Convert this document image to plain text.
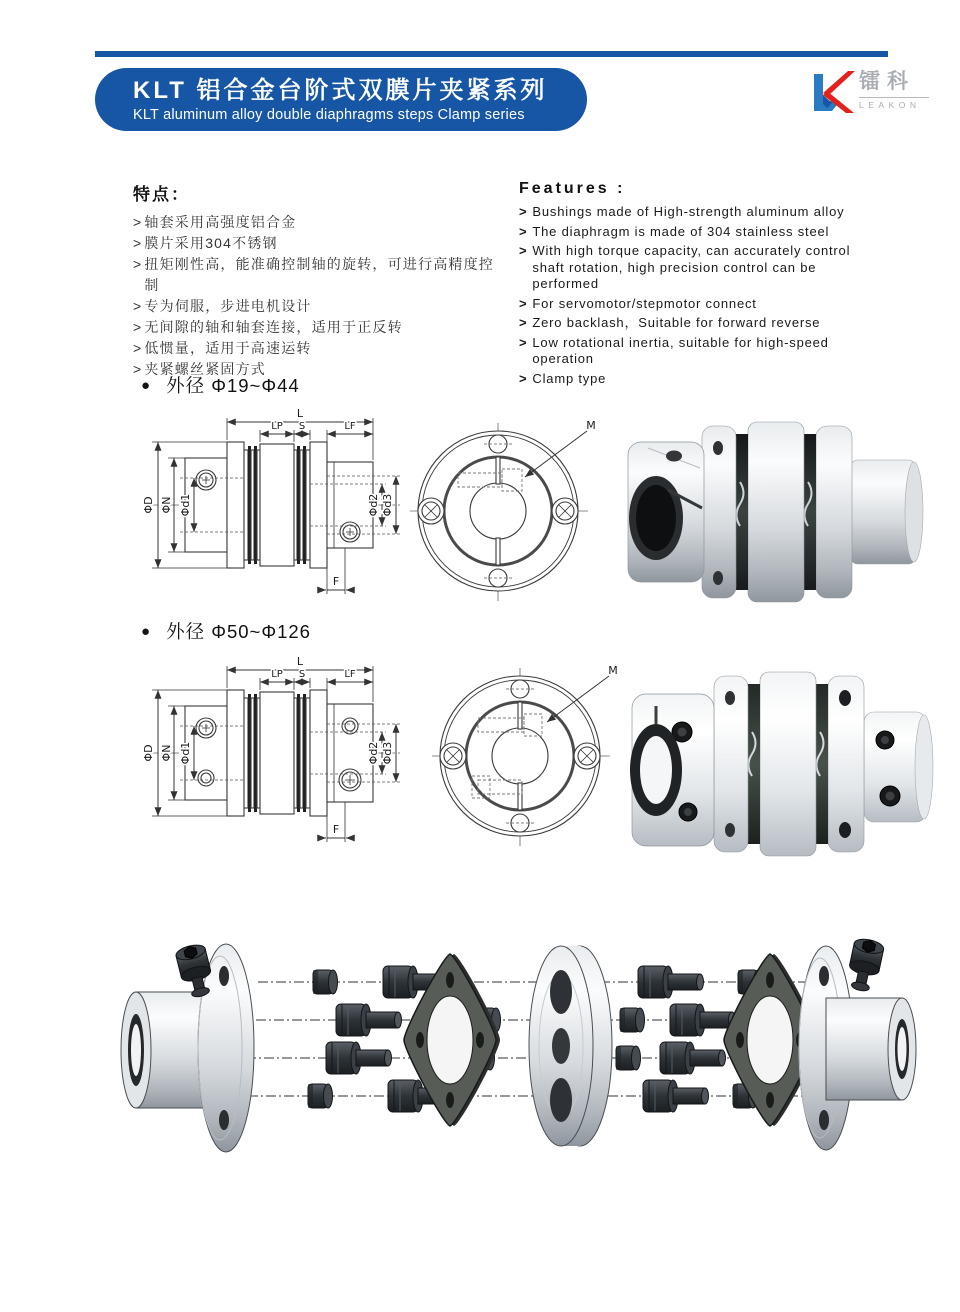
KLT 铝合金台阶式双膜片夹紧系列
KLT aluminum alloy double diaphragms steps Clamp series
镭科
LEAKON
特点：
> 轴套采用高强度铝合金
> 膜片采用304不锈钢
> 扭矩刚性高，能准确控制轴的旋转，可进行高精度控制
> 专为伺服，步进电机设计
> 无间隙的轴和轴套连接，适用于正反转
> 低惯量，适用于高速运转
> 夹紧螺丝紧固方式
Features :
> Bushings made of High-strength aluminum alloy
> The diaphragm is made of 304 stainless steel
> With high torque capacity, can accurately control shaft rotation, high precision control can be performed
> For servomotor/stepmotor connect
> Zero backlash，Suitable for forward reverse
> Low rotational inertia, suitable for high-speed operation
> Clamp type
● 外径 Φ19~Φ44
L
LP S	LF
ΦD ΦN Φd1	Φd2 Φd3
F
M
● 外径 Φ50~Φ126
L
LP S	LF
ΦD ΦN Φd1	Φd2 Φd3
F
M
